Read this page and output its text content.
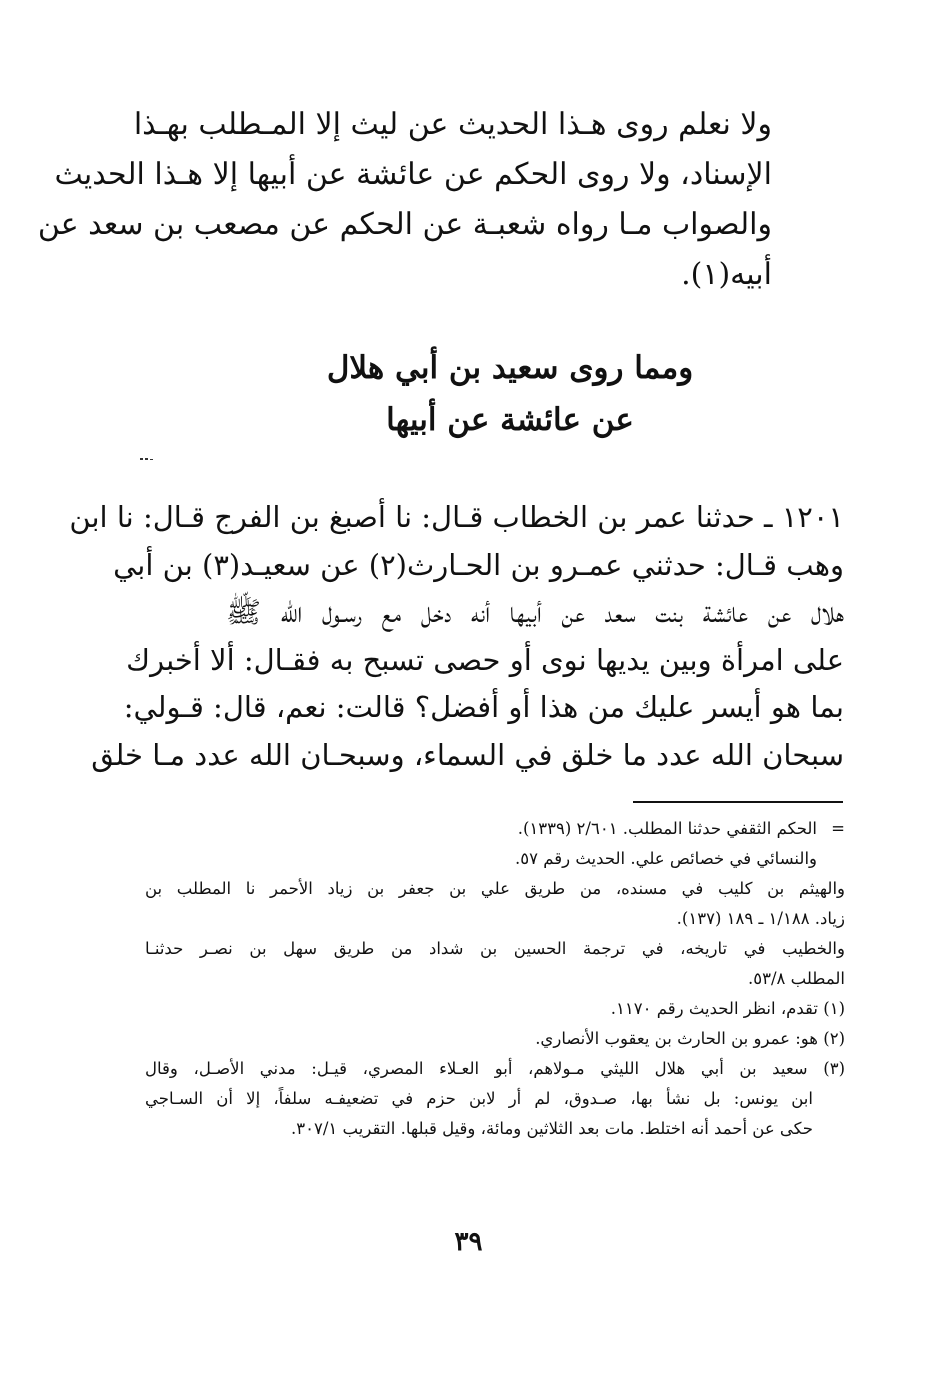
ولا نعلم روى هـذا الحديث عن ليث إلا المـطلب بهـذا
الإسناد، ولا روى الحكم عن عائشة عن أبيها إلا هـذا الحديث
والصواب مـا رواه شعبـة عن الحكم عن مصعب بن سعد عن
أبيه(١).
ومما روى سعيد بن أبي هلال
عن عائشة عن أبيها
١٢٠١ ـ حدثنا عمر بن الخطاب قـال: نا أصبغ بن الفرج قـال: نا ابن
وهب قـال: حدثني عمـرو بن الحـارث(٢) عن سعيـد(٣) بن أبي
هلال عن عائشة بنت سعد عن أبيها أنه دخل مع رسـول الله ﷺ
على امرأة وبين يديها نوى أو حصى تسبح به فقـال: ألا أخبرك
بما هو أيسر عليك من هذا أو أفضل؟ قالت: نعم، قال: قـولي:
سبحان الله عدد ما خلق في السماء، وسبحـان الله عدد مـا خلق
=الحكم الثقفي حدثنا المطلب. ٢/٦٠١ (١٣٣٩).
والنسائي في خصائص علي. الحديث رقم ٥٧.
والهيثم بن كليب في مسنده، من طريق علي بن جعفر بن زياد الأحمر نا المطلب بن
زياد. ١/١٨٨ ـ ١٨٩ (١٣٧).
والخطيب في تاريخه، في ترجمة الحسين بن شداد من طريق سهل بن نصـر حدثنـا
المطلب ٥٣/٨.
(١) تقدم، انظر الحديث رقم ١١٧٠.
(٢) هو: عمرو بن الحارث بن يعقوب الأنصاري.
(٣) سعيد بن أبي هلال الليثي مـولاهم، أبو العـلاء المصري، قيـل: مدني الأصـل، وقال
ابن يونس: بل نشأ بها، صـدوق، لم أر لابن حزم في تضعيفـه سلفاً، إلا أن السـاجي
حكى عن أحمد أنه اختلط. مات بعد الثلاثين ومائة، وقيل قبلها. التقريب ٣٠٧/١.
٣٩
